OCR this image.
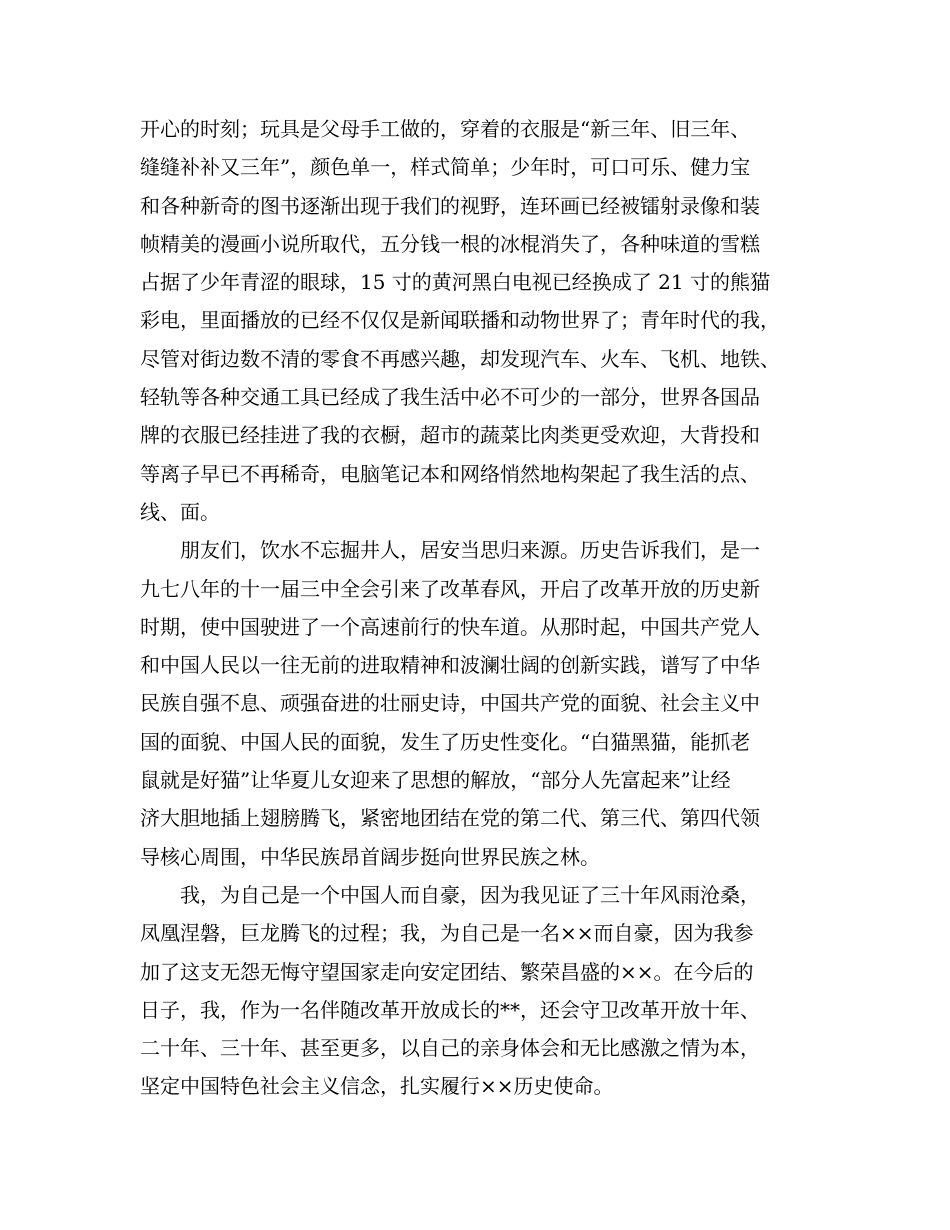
开心的时刻；玩具是父母手工做的，穿着的衣服是“新三年、旧三年、
缝缝补补又三年”，颜色单一，样式简单；少年时，可口可乐、健力宝
和各种新奇的图书逐渐出现于我们的视野，连环画已经被镭射录像和装
帧精美的漫画小说所取代，五分钱一根的冰棍消失了，各种味道的雪糕
占据了少年青涩的眼球，15 寸的黄河黑白电视已经换成了 21 寸的熊猫
彩电，里面播放的已经不仅仅是新闻联播和动物世界了；青年时代的我，
尽管对街边数不清的零食不再感兴趣，却发现汽车、火车、飞机、地铁、
轻轨等各种交通工具已经成了我生活中必不可少的一部分，世界各国品
牌的衣服已经挂进了我的衣橱，超市的蔬菜比肉类更受欢迎，大背投和
等离子早已不再稀奇，电脑笔记本和网络悄然地构架起了我生活的点、
线、面。
　　朋友们，饮水不忘掘井人，居安当思归来源。历史告诉我们，是一
九七八年的十一届三中全会引来了改革春风，开启了改革开放的历史新
时期，使中国驶进了一个高速前行的快车道。从那时起，中国共产党人
和中国人民以一往无前的进取精神和波澜壮阔的创新实践，谱写了中华
民族自强不息、顽强奋进的壮丽史诗，中国共产党的面貌、社会主义中
国的面貌、中国人民的面貌，发生了历史性变化。“白猫黑猫，能抓老
鼠就是好猫”让华夏儿女迎来了思想的解放，“部分人先富起来”让经
济大胆地插上翅膀腾飞，紧密地团结在党的第二代、第三代、第四代领
导核心周围，中华民族昂首阔步挺向世界民族之林。
　　我，为自己是一个中国人而自豪，因为我见证了三十年风雨沧桑，
凤凰涅磐，巨龙腾飞的过程；我，为自己是一名××而自豪，因为我参
加了这支无怨无悔守望国家走向安定团结、繁荣昌盛的××。在今后的
日子，我，作为一名伴随改革开放成长的**，还会守卫改革开放十年、
二十年、三十年、甚至更多，以自己的亲身体会和无比感激之情为本，
坚定中国特色社会主义信念，扎实履行××历史使命。
